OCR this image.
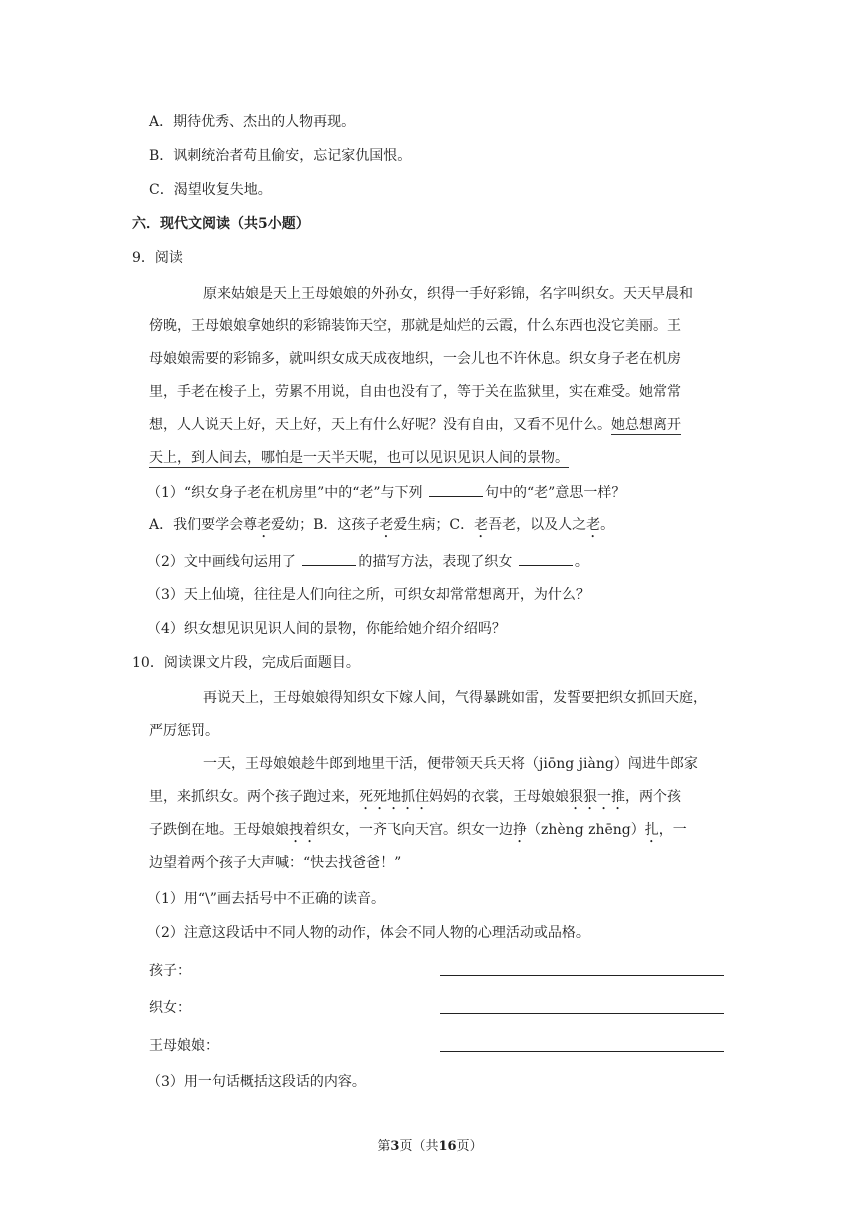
A．期待优秀、杰出的人物再现。
B．讽刺统治者苟且偷安，忘记家仇国恨。
C．渴望收复失地。
六．现代文阅读（共5小题）
9．阅读
原来姑娘是天上王母娘娘的外孙女，织得一手好彩锦，名字叫织女。天天早晨和
傍晚，王母娘娘拿她织的彩锦装饰天空，那就是灿烂的云霞，什么东西也没它美丽。王
母娘娘需要的彩锦多，就叫织女成天成夜地织，一会儿也不许休息。织女身子老在机房
里，手老在梭子上，劳累不用说，自由也没有了，等于关在监狱里，实在难受。她常常
想，人人说天上好，天上好，天上有什么好呢？没有自由，又看不见什么。她总想离开
天上，到人间去，哪怕是一天半天呢，也可以见识见识人间的景物。
（1）“织女身子老在机房里”中的“老”与下列	句中的“老”意思一样？
A．我们要学会尊老爱幼；B．这孩子老爱生病；C．老吾老，以及人之老。
（2）文中画线句运用了	的描写方法，表现了织女	。
（3）天上仙境，往往是人们向往之所，可织女却常常想离开，为什么？
（4）织女想见识见识人间的景物，你能给她介绍介绍吗？
10．阅读课文片段，完成后面题目。
再说天上，王母娘娘得知织女下嫁人间，气得暴跳如雷，发誓要把织女抓回天庭，
严厉惩罚。
一天，王母娘娘趁牛郎到地里干活，便带领天兵天将（jiōng jiàng）闯进牛郎家
里，来抓织女。两个孩子跑过来，死死地抓住妈妈的衣裳，王母娘娘狠狠一推，两个孩
子跌倒在地。王母娘娘拽着织女，一齐飞向天宫。织女一边挣（zhèng zhēng）扎，一
边望着两个孩子大声喊：“快去找爸爸！”
（1）用“\”画去括号中不正确的读音。
（2）注意这段话中不同人物的动作，体会不同人物的心理活动或品格。
孩子：
织女：
王母娘娘：
（3）用一句话概括这段话的内容。
第3页（共16页）
